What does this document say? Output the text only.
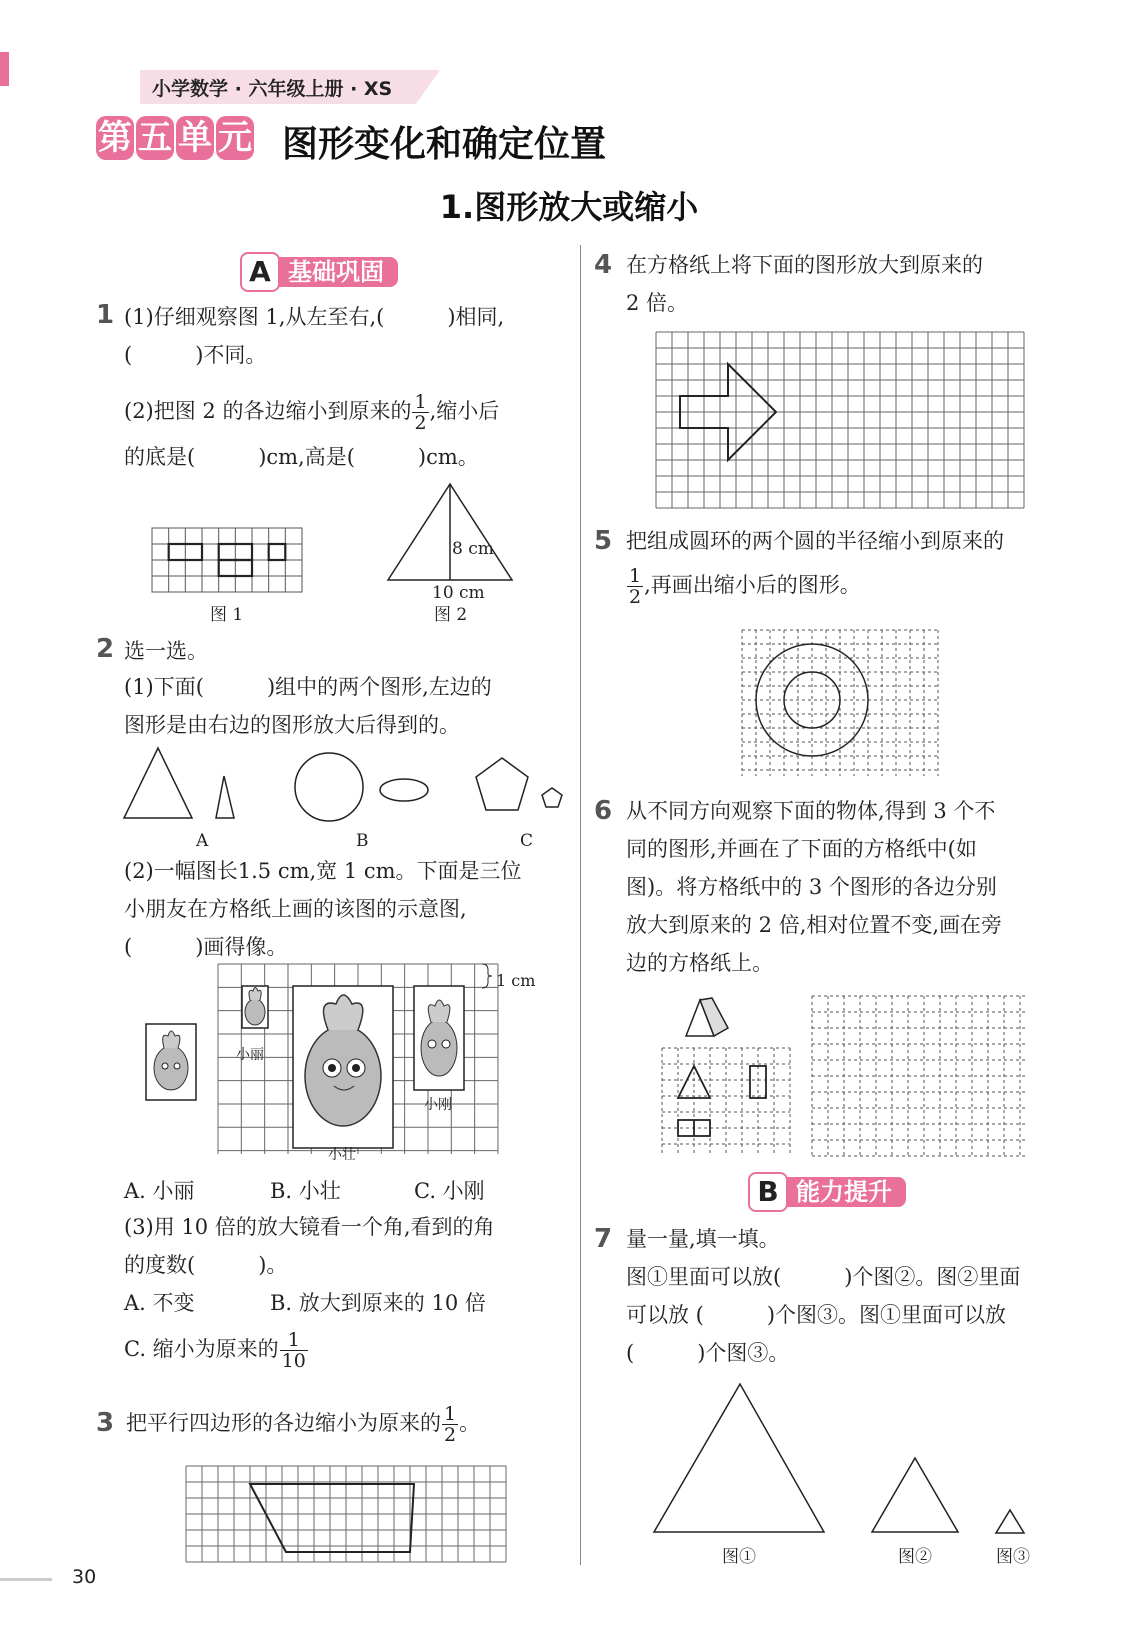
小学数学 · 六年级上册 · XS
第 五 单 元 图形变化和确定位置
1.图形放大或缩小
A 基础巩固
1 (1)仔细观察图 1,从左至右,(　　　)相同,
(　　　)不同。
(2)把图 2 的各边缩小到原来的 $\frac{1}{2}$ ,缩小后
的底是(　　　)cm,高是(　　　)cm。
图 1
8 cm
10 cm
图 2
2 选一选。
(1)下面(　　　)组中的两个图形,左边的
图形是由右边的图形放大后得到的。
A	B	C
(2)一幅图长1.5 cm,宽 1 cm。下面是三位
小朋友在方格纸上画的该图的示意图,
(　　　)画得像。
1 cm
小丽
小刚
小壮
A. 小丽	B. 小壮	C. 小刚
(3)用 10 倍的放大镜看一个角,看到的角
的度数(　　　)。
A. 不变	B. 放大到原来的 10 倍
C. 缩小为原来的 $\frac{1}{10}$
3 把平行四边形的各边缩小为原来的 $\frac{1}{2}$ 。
4 在方格纸上将下面的图形放大到原来的
2 倍。
5 把组成圆环的两个圆的半径缩小到原来的
$\frac{1}{2}$ ,再画出缩小后的图形。
6 从不同方向观察下面的物体,得到 3 个不
同的图形,并画在了下面的方格纸中(如
图)。将方格纸中的 3 个图形的各边分别
放大到原来的 2 倍,相对位置不变,画在旁
边的方格纸上。
B 能力提升
7 量一量,填一填。
图①里面可以放(　　　)个图②。图②里面
可以放 (　　　)个图③。图①里面可以放
(　　　)个图③。
图①	图②	图③
30
